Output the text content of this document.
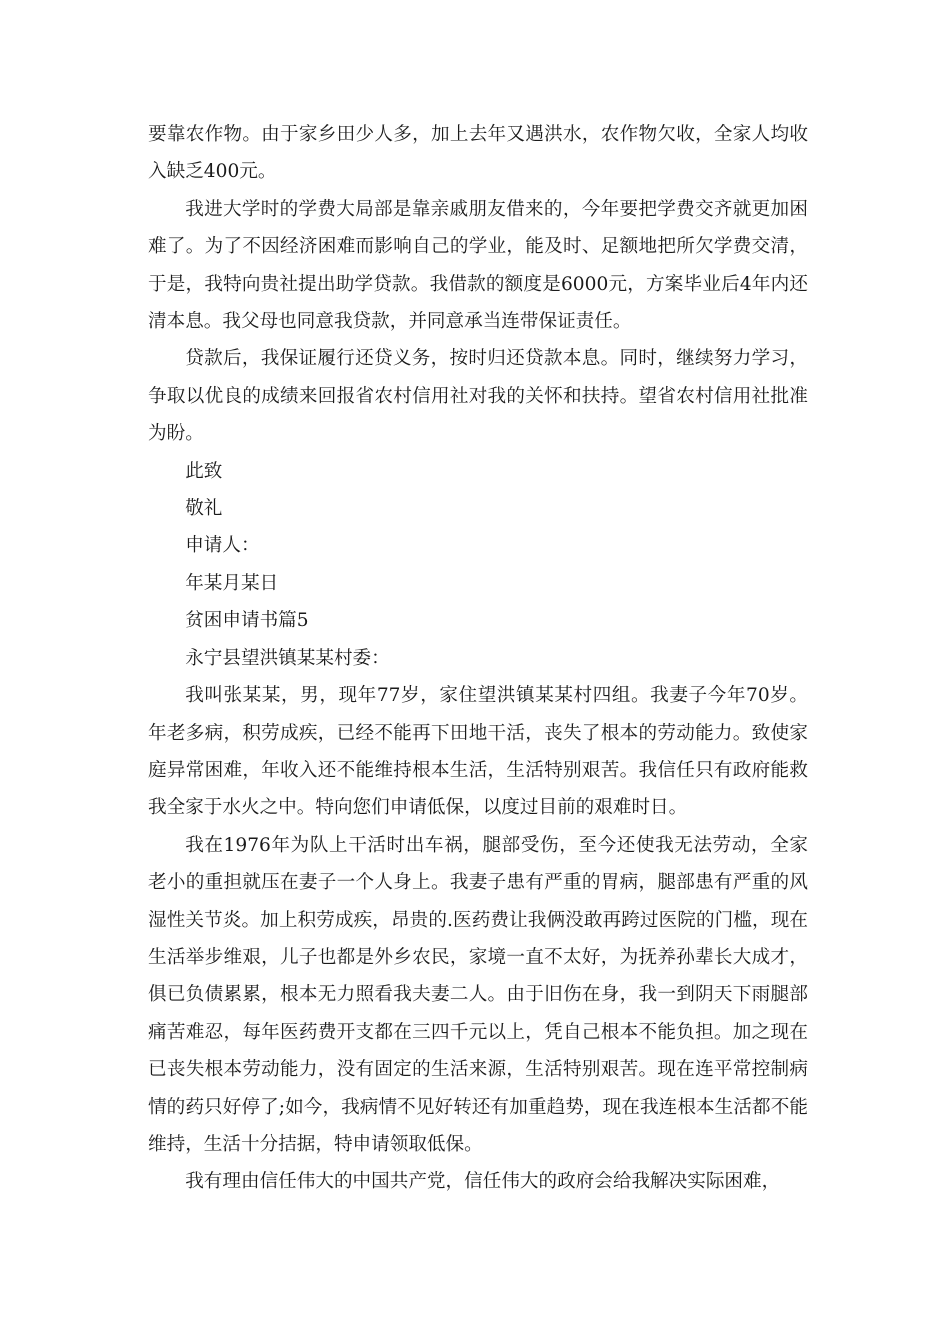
要靠农作物。由于家乡田少人多，加上去年又遇洪水，农作物欠收，全家人均收入缺乏400元。

我进大学时的学费大局部是靠亲戚朋友借来的，今年要把学费交齐就更加困难了。为了不因经济困难而影响自己的学业，能及时、足额地把所欠学费交清，于是，我特向贵社提出助学贷款。我借款的额度是6000元，方案毕业后4年内还清本息。我父母也同意我贷款，并同意承当连带保证责任。

贷款后，我保证履行还贷义务，按时归还贷款本息。同时，继续努力学习，争取以优良的成绩来回报省农村信用社对我的关怀和扶持。望省农村信用社批准为盼。

此致

敬礼

申请人：

年某月某日

贫困申请书篇5

永宁县望洪镇某某村委：

我叫张某某，男，现年77岁，家住望洪镇某某村四组。我妻子今年70岁。年老多病，积劳成疾，已经不能再下田地干活，丧失了根本的劳动能力。致使家庭异常困难，年收入还不能维持根本生活，生活特别艰苦。我信任只有政府能救我全家于水火之中。特向您们申请低保，以度过目前的艰难时日。

我在1976年为队上干活时出车祸，腿部受伤，至今还使我无法劳动，全家老小的重担就压在妻子一个人身上。我妻子患有严重的胃病，腿部患有严重的风湿性关节炎。加上积劳成疾，昂贵的.医药费让我俩没敢再跨过医院的门槛，现在生活举步维艰，儿子也都是外乡农民，家境一直不太好，为抚养孙辈长大成才，俱已负债累累，根本无力照看我夫妻二人。由于旧伤在身，我一到阴天下雨腿部痛苦难忍，每年医药费开支都在三四千元以上，凭自己根本不能负担。加之现在已丧失根本劳动能力，没有固定的生活来源，生活特别艰苦。现在连平常控制病情的药只好停了;如今，我病情不见好转还有加重趋势，现在我连根本生活都不能维持，生活十分拮据，特申请领取低保。

我有理由信任伟大的中国共产党，信任伟大的政府会给我解决实际困难，
